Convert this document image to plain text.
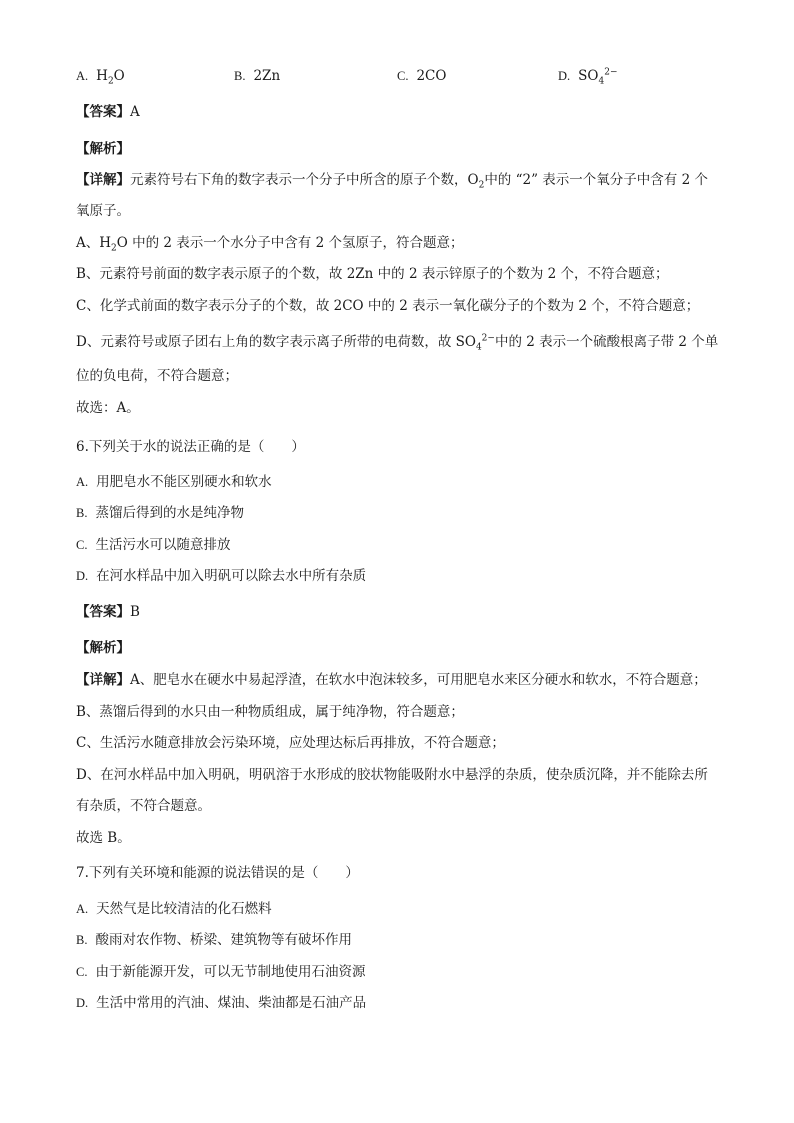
A. $H_2O$	B. 2Zn	C. 2CO	D. $SO_4^{2-}$
【答案】A
【解析】
【详解】元素符号右下角的数字表示一个分子中所含的原子个数，$O_2$中的 “2” 表示一个氧分子中含有 2 个
氧原子。
A、$H_2O$ 中的 2 表示一个水分子中含有 2 个氢原子，符合题意；
B、元素符号前面的数字表示原子的个数，故 2Zn 中的 2 表示锌原子的个数为 2 个，不符合题意；
C、化学式前面的数字表示分子的个数，故 2CO 中的 2 表示一氧化碳分子的个数为 2 个，不符合题意；
D、元素符号或原子团右上角的数字表示离子所带的电荷数，故 $SO_4^{2-}$中的 2 表示一个硫酸根离子带 2 个单
位的负电荷，不符合题意；
故选：A。
6.下列关于水的说法正确的是（　　）
A. 用肥皂水不能区别硬水和软水
B. 蒸馏后得到的水是纯净物
C. 生活污水可以随意排放
D. 在河水样品中加入明矾可以除去水中所有杂质
【答案】B
【解析】
【详解】A、肥皂水在硬水中易起浮渣，在软水中泡沫较多，可用肥皂水来区分硬水和软水，不符合题意；
B、蒸馏后得到的水只由一种物质组成，属于纯净物，符合题意；
C、生活污水随意排放会污染环境，应处理达标后再排放，不符合题意；
D、在河水样品中加入明矾，明矾溶于水形成的胶状物能吸附水中悬浮的杂质，使杂质沉降，并不能除去所
有杂质，不符合题意。
故选 B。
7.下列有关环境和能源的说法错误的是（　　）
A. 天然气是比较清洁的化石燃料
B. 酸雨对农作物、桥梁、建筑物等有破坏作用
C. 由于新能源开发，可以无节制地使用石油资源
D. 生活中常用的汽油、煤油、柴油都是石油产品
